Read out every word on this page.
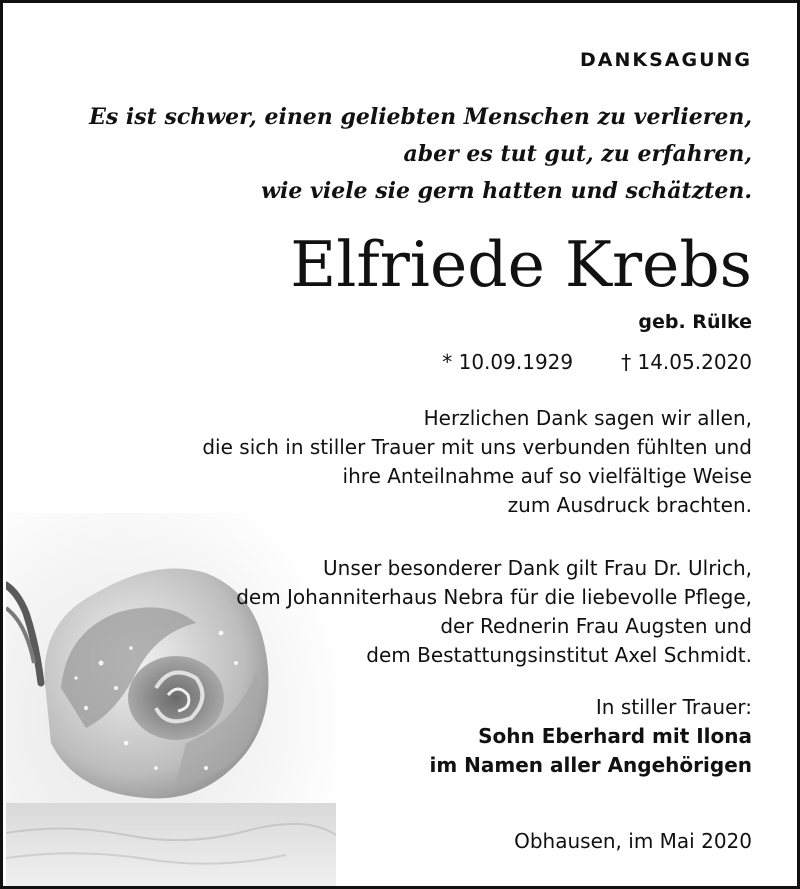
DANKSAGUNG
Es ist schwer, einen geliebten Menschen zu verlieren,
aber es tut gut, zu erfahren,
wie viele sie gern hatten und schätzten.
Elfriede Krebs
geb. Rülke
* 10.09.1929 † 14.05.2020
Herzlichen Dank sagen wir allen,
die sich in stiller Trauer mit uns verbunden fühlten und
ihre Anteilnahme auf so vielfältige Weise
zum Ausdruck brachten.
Unser besonderer Dank gilt Frau Dr. Ulrich,
dem Johanniterhaus Nebra für die liebevolle Pflege,
der Rednerin Frau Augsten und
dem Bestattungsinstitut Axel Schmidt.
In stiller Trauer:
Sohn Eberhard mit Ilona
im Namen aller Angehörigen
Obhausen, im Mai 2020
